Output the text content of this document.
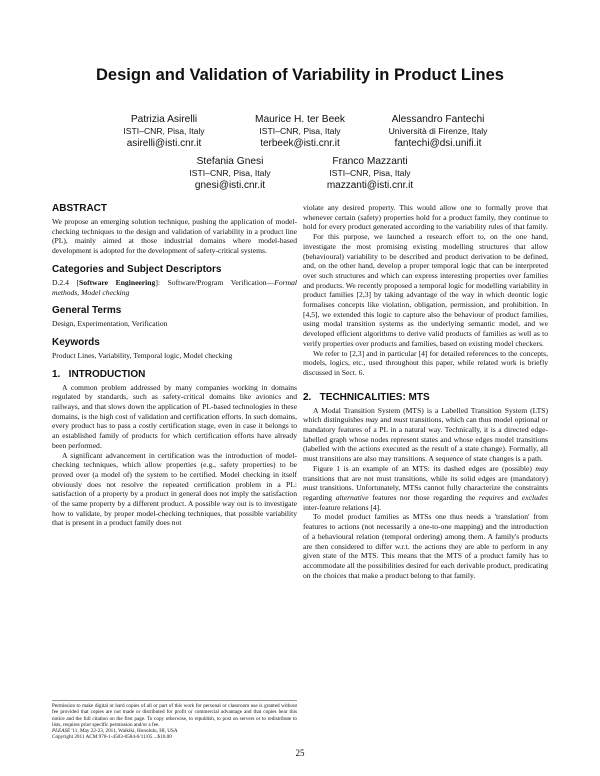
Design and Validation of Variability in Product Lines
Patrizia Asirelli
ISTI–CNR, Pisa, Italy
asirelli@isti.cnr.it
Maurice H. ter Beek
ISTI–CNR, Pisa, Italy
terbeek@isti.cnr.it
Alessandro Fantechi
Università di Firenze, Italy
fantechi@dsi.unifi.it
Stefania Gnesi
ISTI–CNR, Pisa, Italy
gnesi@isti.cnr.it
Franco Mazzanti
ISTI–CNR, Pisa, Italy
mazzanti@isti.cnr.it
ABSTRACT

We propose an emerging solution technique, pushing the application of model-checking techniques to the design and validation of variability in a product line (PL), mainly aimed at those industrial domains where model-based development is adopted for the development of safety-critical systems.

Categories and Subject Descriptors

D.2.4 [Software Engineering]: Software/Program Verification—Formal methods, Model checking

General Terms

Design, Experimentation, Verification

Keywords

Product Lines, Variability, Temporal logic, Model checking

1.   INTRODUCTION

A common problem addressed by many companies working in domains regulated by standards, such as safety-critical domains like avionics and railways, and that slows down the application of PL-based technologies in these domains, is the high cost of validation and certification efforts. In such domains, every product has to pass a costly certification stage, even in case it belongs to an established family of products for which certification efforts have already been performed.

A significant advancement in certification was the introduction of model-checking techniques, which allow properties (e.g., safety properties) to be proved over (a model of) the system to be certified. Model checking in itself obviously does not resolve the repeated certification problem in a PL: satisfaction of a property by a product in general does not imply the satisfaction of the same property by a different product. A possible way out is to investigate how to validate, by proper model-checking techniques, that possible variability that is present in a product family does not

violate any desired property. This would allow one to formally prove that whenever certain (safety) properties hold for a product family, they continue to hold for every product generated according to the variability rules of that family.

For this purpose, we launched a research effort to, on the one hand, investigate the most promising existing modelling structures that allow (behavioural) variability to be described and product derivation to be defined, and, on the other hand, develop a proper temporal logic that can be interpreted over such structures and which can express interesting properties over families and products. We recently proposed a temporal logic for modelling variability in product families [2,3] by taking advantage of the way in which deontic logic formalises concepts like violation, obligation, permission, and prohibition. In [4,5], we extended this logic to capture also the behaviour of product families, using modal transition systems as the underlying semantic model, and we developed efficient algorithms to derive valid products of families as well as to verify properties over products and families, based on existing model checkers.

We refer to [2,3] and in particular [4] for detailed references to the concepts, models, logics, etc., used throughout this paper, while related work is briefly discussed in Sect. 6.

2.   TECHNICALITIES: MTS

A Modal Transition System (MTS) is a Labelled Transition System (LTS) which distinguishes may and must transitions, which can thus model optional or mandatory features of a PL in a natural way. Technically, it is a directed edge-labelled graph whose nodes represent states and whose edges model transitions (labelled with the actions executed as the result of a state change). Formally, all must transitions are also may transitions. A sequence of state changes is a path.

Figure 1 is an example of an MTS: its dashed edges are (possible) may transitions that are not must transitions, while its solid edges are (mandatory) must transitions. Unfortunately, MTSs cannot fully characterize the constraints regarding alternative features nor those regarding the requires and excludes inter-feature relations [4].

To model product families as MTSs one thus needs a 'translation' from features to actions (not necessarily a one-to-one mapping) and the introduction of a behavioural relation (temporal ordering) among them. A family's products are then considered to differ w.r.t. the actions they are able to perform in any given state of the MTS. This means that the MTS of a product family has to accommodate all the possibilities desired for each derivable product, predicating on the choices that make a product belong to that family.

Permission to make digital or hard copies of all or part of this work for personal or classroom use is granted without fee provided that copies are not made or distributed for profit or commercial advantage and that copies bear this notice and the full citation on the first page. To copy otherwise, to republish, to post on servers or to redistribute to lists, requires prior specific permission and/or a fee.
PLEASE '11, May 22-23, 2011, Waikiki, Honolulu, HI, USA
Copyright 2011 ACM 978-1-4503-0584-6/11/05 ...$10.00
25
